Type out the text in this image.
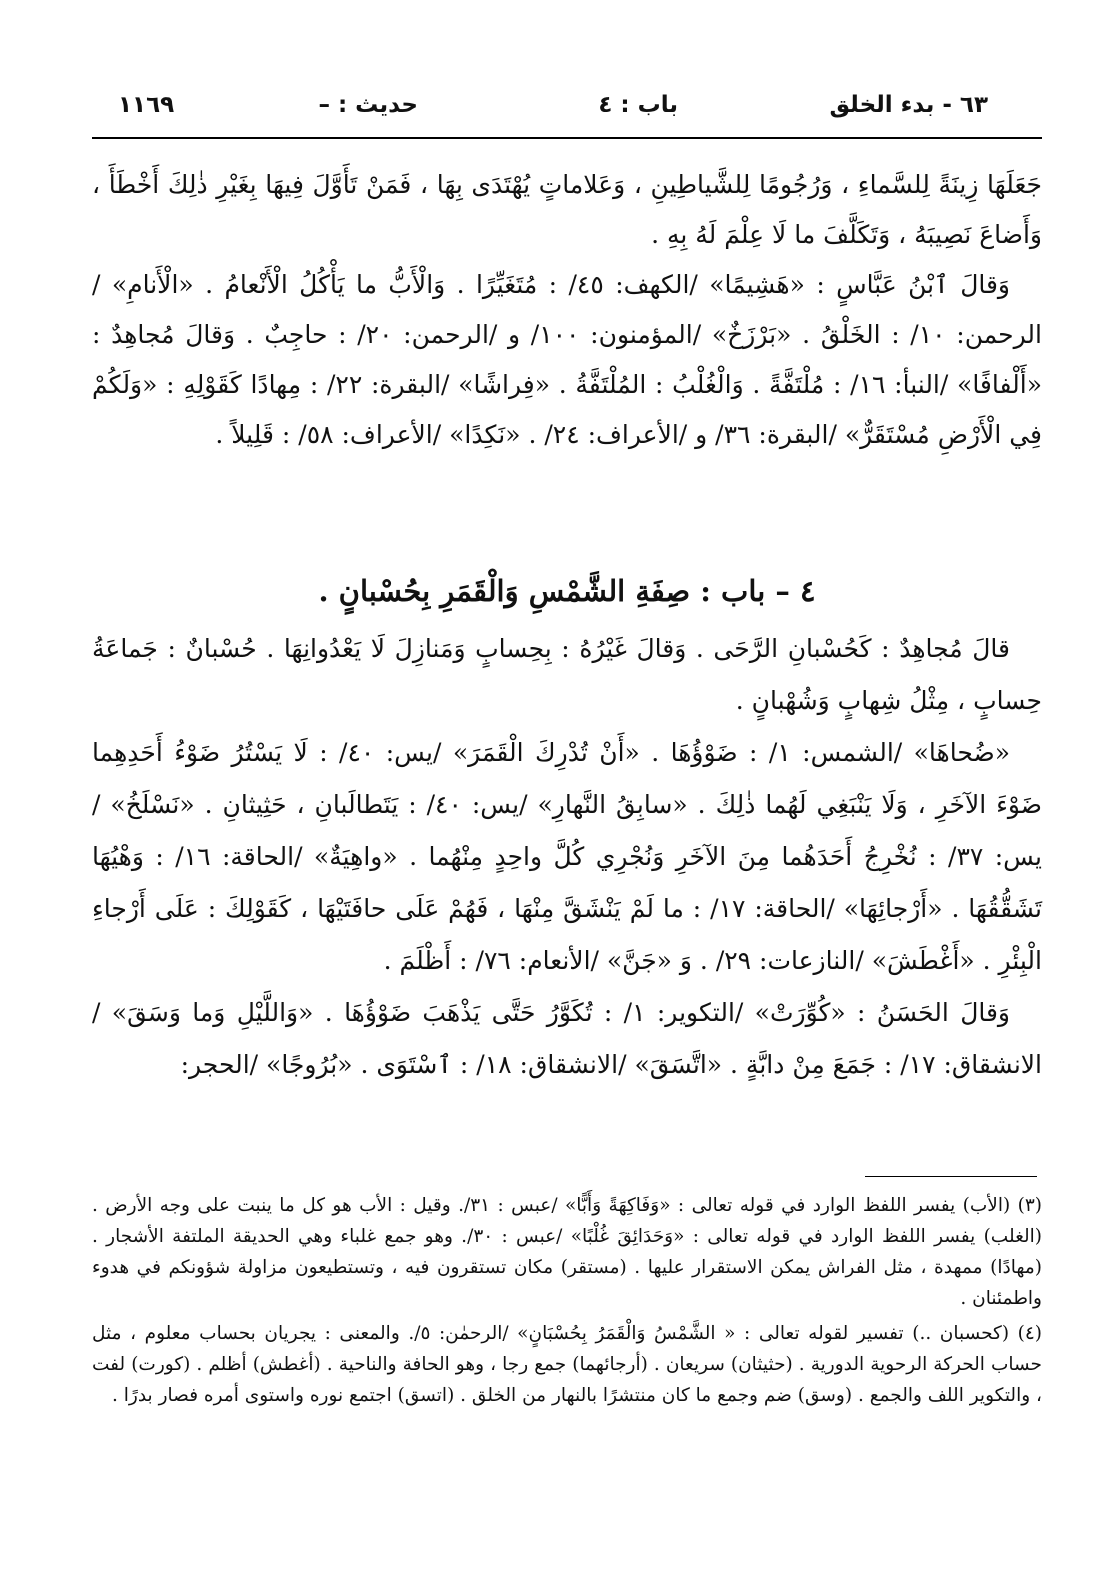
٦٣ - بدء الخلق
باب : ٤
حديث : –
١١٦٩

جَعَلَهَا زِينَةً لِلسَّماءِ ، وَرُجُومًا لِلشَّياطِينِ ، وَعَلاماتٍ يُهْتَدَى بِهَا ، فَمَنْ تَأَوَّلَ فِيهَا بِغَيْرِ ذٰلِكَ أَخْطَأَ ، وَأَضاعَ نَصِيبَهُ ، وَتَكَلَّفَ ما لَا عِلْمَ لَهُ بِهِ .

وَقالَ ٱبْنُ عَبَّاسٍ : «هَشِيمًا» /الكهف: ٤٥/ : مُتَغَيِّرًا . وَالْأَبُّ ما يَأْكُلُ الْأَنْعامُ . «الْأَنامِ» /الرحمن: ١٠/ : الخَلْقُ . «بَرْزَخٌ» /المؤمنون: ١٠٠/ و /الرحمن: ٢٠/ : حاجِبٌ . وَقالَ مُجاهِدٌ : «أَلْفافًا» /النبأ: ١٦/ : مُلْتَفَّةً . وَالْغُلْبُ : المُلْتَفَّةُ . «فِراشًا» /البقرة: ٢٢/ : مِهادًا كَقَوْلِهِ : «وَلَكُمْ فِي الْأَرْضِ مُسْتَقَرٌّ» /البقرة: ٣٦/ و /الأعراف: ٢٤/ . «نَكِدًا» /الأعراف: ٥٨/ : قَلِيلاً .

٤ – باب : صِفَةِ الشَّمْسِ وَالْقَمَرِ بِحُسْبانٍ .

قالَ مُجاهِدٌ : كَحُسْبانِ الرَّحَى . وَقالَ غَيْرُهُ : بِحِسابٍ وَمَنازِلَ لَا يَعْدُوانِهَا . حُسْبانٌ : جَماعَةُ حِسابٍ ، مِثْلُ شِهابٍ وَشُهْبانٍ .

«ضُحاهَا» /الشمس: ١/ : ضَوْؤُهَا . «أَنْ تُدْرِكَ الْقَمَرَ» /يس: ٤٠/ : لَا يَسْتُرُ ضَوْءُ أَحَدِهِما ضَوْءَ الآخَرِ ، وَلَا يَنْبَغِي لَهُما ذٰلِكَ . «سابِقُ النَّهارِ» /يس: ٤٠/ : يَتَطالَبانِ ، حَثِيثانِ . «نَسْلَخُ» /يس: ٣٧/ : نُخْرِجُ أَحَدَهُما مِنَ الآخَرِ وَنُجْرِي كُلَّ واحِدٍ مِنْهُما . «واهِيَةٌ» /الحاقة: ١٦/ : وَهْيُهَا تَشَقُّقُهَا . «أَرْجائِهَا» /الحاقة: ١٧/ : ما لَمْ يَنْشَقَّ مِنْهَا ، فَهُمْ عَلَى حافَتَيْهَا ، كَقَوْلِكَ : عَلَى أَرْجاءِ الْبِئْرِ . «أَغْطَشَ» /النازعات: ٢٩/ . وَ «جَنَّ» /الأنعام: ٧٦/ : أَظْلَمَ .

وَقالَ الحَسَنُ : «كُوِّرَتْ» /التكوير: ١/ : تُكَوَّرُ حَتَّى يَذْهَبَ ضَوْؤُهَا . «وَاللَّيْلِ وَما وَسَقَ» /الانشقاق: ١٧/ : جَمَعَ مِنْ دابَّةٍ . «اتَّسَقَ» /الانشقاق: ١٨/ : ٱسْتَوَى . «بُرُوجًا» /الحجر:

(٣) (الأب) يفسر اللفظ الوارد في قوله تعالى : «وَفَاكِهَةً وَأَبًّا» /عبس : ٣١/. وقيل : الأب هو كل ما ينبت على وجه الأرض . (الغلب) يفسر اللفظ الوارد في قوله تعالى : «وَحَدَائِقَ غُلْبًا» /عبس : ٣٠/. وهو جمع غلباء وهي الحديقة الملتفة الأشجار . (مهادًا) ممهدة ، مثل الفراش يمكن الاستقرار عليها . (مستقر) مكان تستقرون فيه ، وتستطيعون مزاولة شؤونكم في هدوء واطمئنان .

(٤) (كحسبان ..) تفسير لقوله تعالى : « الشَّمْسُ وَالْقَمَرُ بِحُسْبَانٍ» /الرحمٰن: ٥/. والمعنى : يجريان بحساب معلوم ، مثل حساب الحركة الرحوية الدورية . (حثيثان) سريعان . (أرجائهما) جمع رجا ، وهو الحافة والناحية . (أغطش) أظلم . (كورت) لفت ، والتكوير اللف والجمع . (وسق) ضم وجمع ما كان منتشرًا بالنهار من الخلق . (اتسق) اجتمع نوره واستوى أمره فصار بدرًا .
